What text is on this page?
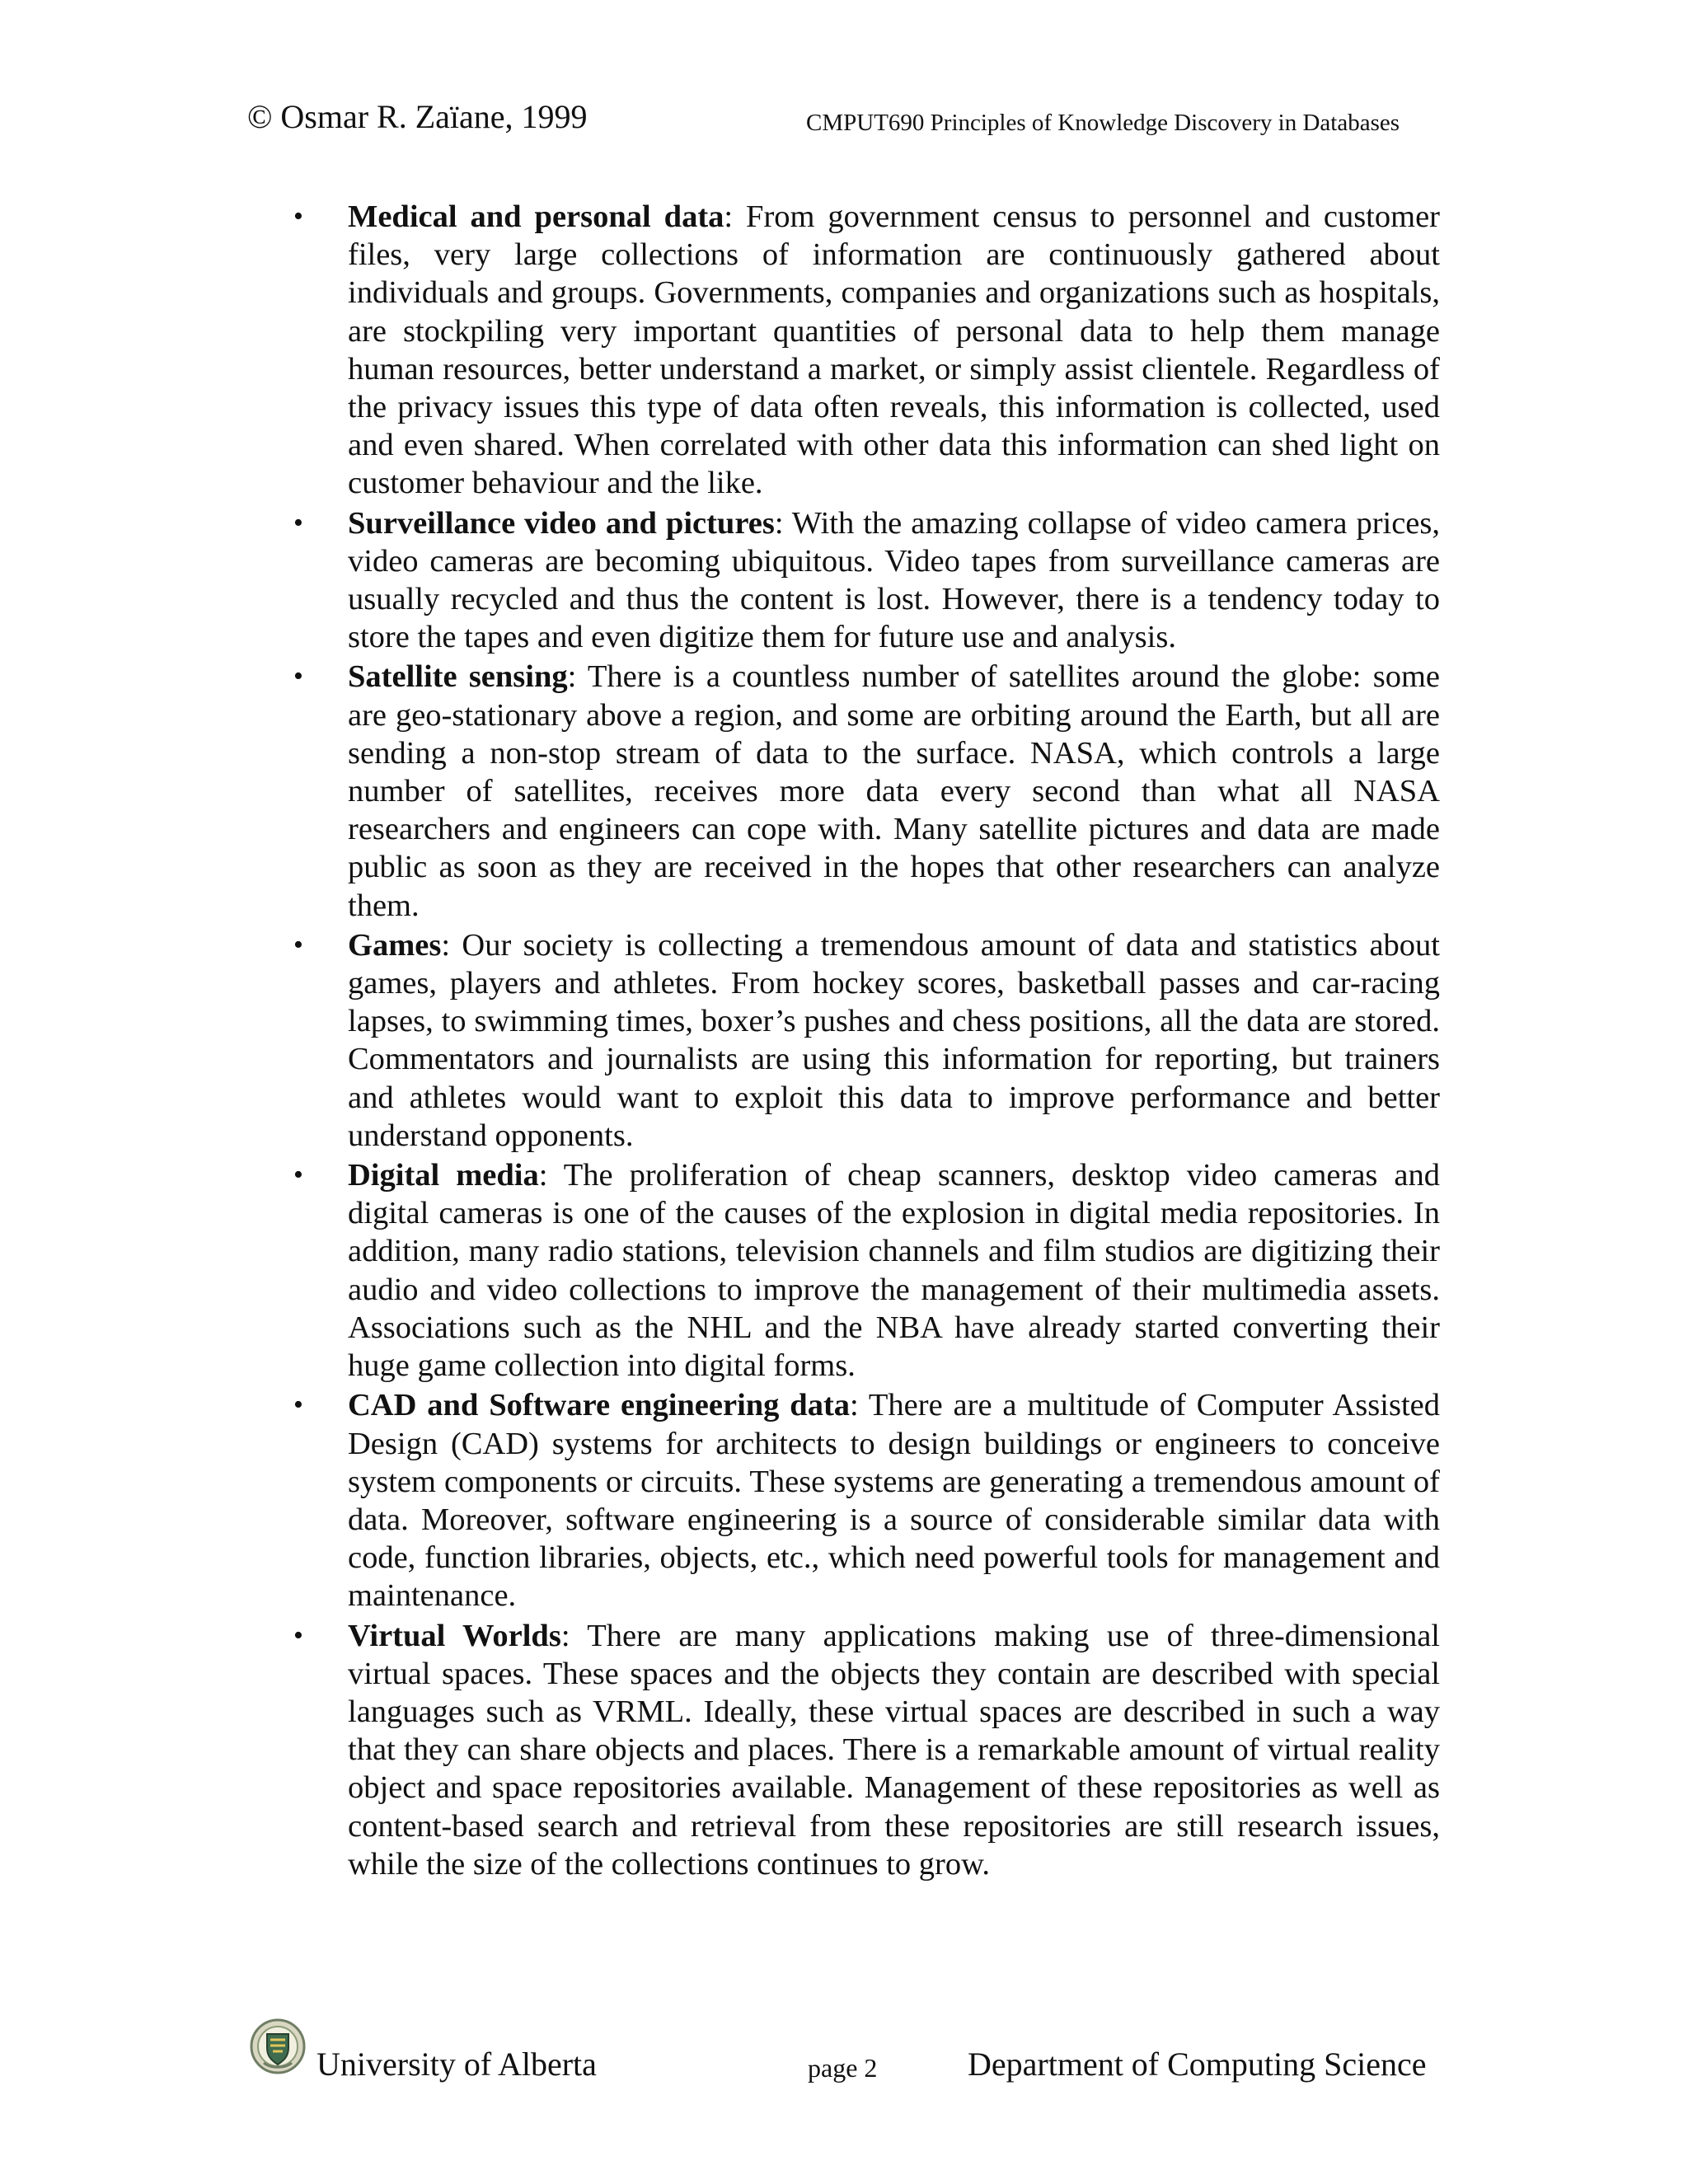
© Osmar R. Zaïane, 1999	CMPUT690 Principles of Knowledge Discovery in Databases
• Medical and personal data: From government census to personnel and customer files, very large collections of information are continuously gathered about individuals and groups. Governments, companies and organizations such as hospitals, are stockpiling very important quantities of personal data to help them manage human resources, better understand a market, or simply assist clientele. Regardless of the privacy issues this type of data often reveals, this information is collected, used and even shared. When correlated with other data this information can shed light on customer behaviour and the like.
• Surveillance video and pictures: With the amazing collapse of video camera prices, video cameras are becoming ubiquitous. Video tapes from surveillance cameras are usually recycled and thus the content is lost. However, there is a tendency today to store the tapes and even digitize them for future use and analysis.
• Satellite sensing: There is a countless number of satellites around the globe: some are geo-stationary above a region, and some are orbiting around the Earth, but all are sending a non-stop stream of data to the surface. NASA, which controls a large number of satellites, receives more data every second than what all NASA researchers and engineers can cope with. Many satellite pictures and data are made public as soon as they are received in the hopes that other researchers can analyze them.
• Games: Our society is collecting a tremendous amount of data and statistics about games, players and athletes. From hockey scores, basketball passes and car-racing lapses, to swimming times, boxer’s pushes and chess positions, all the data are stored. Commentators and journalists are using this information for reporting, but trainers and athletes would want to exploit this data to improve performance and better understand opponents.
• Digital media: The proliferation of cheap scanners, desktop video cameras and digital cameras is one of the causes of the explosion in digital media repositories. In addition, many radio stations, television channels and film studios are digitizing their audio and video collections to improve the management of their multimedia assets. Associations such as the NHL and the NBA have already started converting their huge game collection into digital forms.
• CAD and Software engineering data: There are a multitude of Computer Assisted Design (CAD) systems for architects to design buildings or engineers to conceive system components or circuits. These systems are generating a tremendous amount of data. Moreover, software engineering is a source of considerable similar data with code, function libraries, objects, etc., which need powerful tools for management and maintenance.
• Virtual Worlds: There are many applications making use of three-dimensional virtual spaces. These spaces and the objects they contain are described with special languages such as VRML. Ideally, these virtual spaces are described in such a way that they can share objects and places. There is a remarkable amount of virtual reality object and space repositories available. Management of these repositories as well as content-based search and retrieval from these repositories are still research issues, while the size of the collections continues to grow.
University of Alberta	page 2	Department of Computing Science
